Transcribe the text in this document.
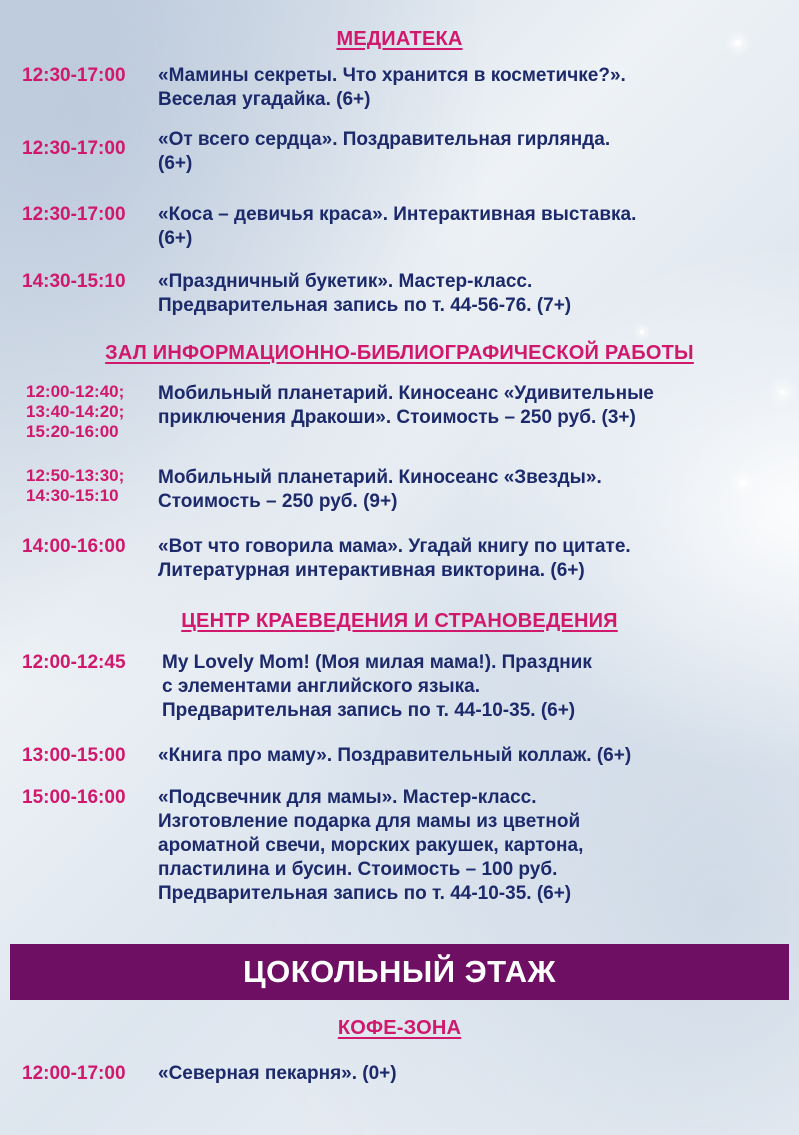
МЕДИАТЕКА
12:30-17:00 «Мамины секреты. Что хранится в косметичке?».
Веселая угадайка. (6+)
12:30-17:00 «От всего сердца». Поздравительная гирлянда.
(6+)
12:30-17:00 «Коса – девичья краса». Интерактивная выставка.
(6+)
14:30-15:10 «Праздничный букетик». Мастер-класс.
Предварительная запись по т. 44-56-76. (7+)
ЗАЛ ИНФОРМАЦИОННО-БИБЛИОГРАФИЧЕСКОЙ РАБОТЫ
12:00-12:40;
13:40-14:20;
15:20-16:00
Мобильный планетарий. Киносеанс «Удивительные
приключения Дракоши». Стоимость – 250 руб. (3+)
12:50-13:30;
14:30-15:10
Мобильный планетарий. Киносеанс «Звезды».
Стоимость – 250 руб. (9+)
14:00-16:00 «Вот что говорила мама». Угадай книгу по цитате.
Литературная интерактивная викторина. (6+)
ЦЕНТР КРАЕВЕДЕНИЯ И СТРАНОВЕДЕНИЯ
12:00-12:45 My Lovely Mom! (Моя милая мама!). Праздник
с элементами английского языка.
Предварительная запись по т. 44-10-35. (6+)
13:00-15:00 «Книга про маму». Поздравительный коллаж. (6+)
15:00-16:00 «Подсвечник для мамы». Мастер-класс.
Изготовление подарка для мамы из цветной
ароматной свечи, морских ракушек, картона,
пластилина и бусин. Стоимость – 100 руб.
Предварительная запись по т. 44-10-35. (6+)
ЦОКОЛЬНЫЙ ЭТАЖ
КОФЕ-ЗОНА
12:00-17:00 «Северная пекарня». (0+)
